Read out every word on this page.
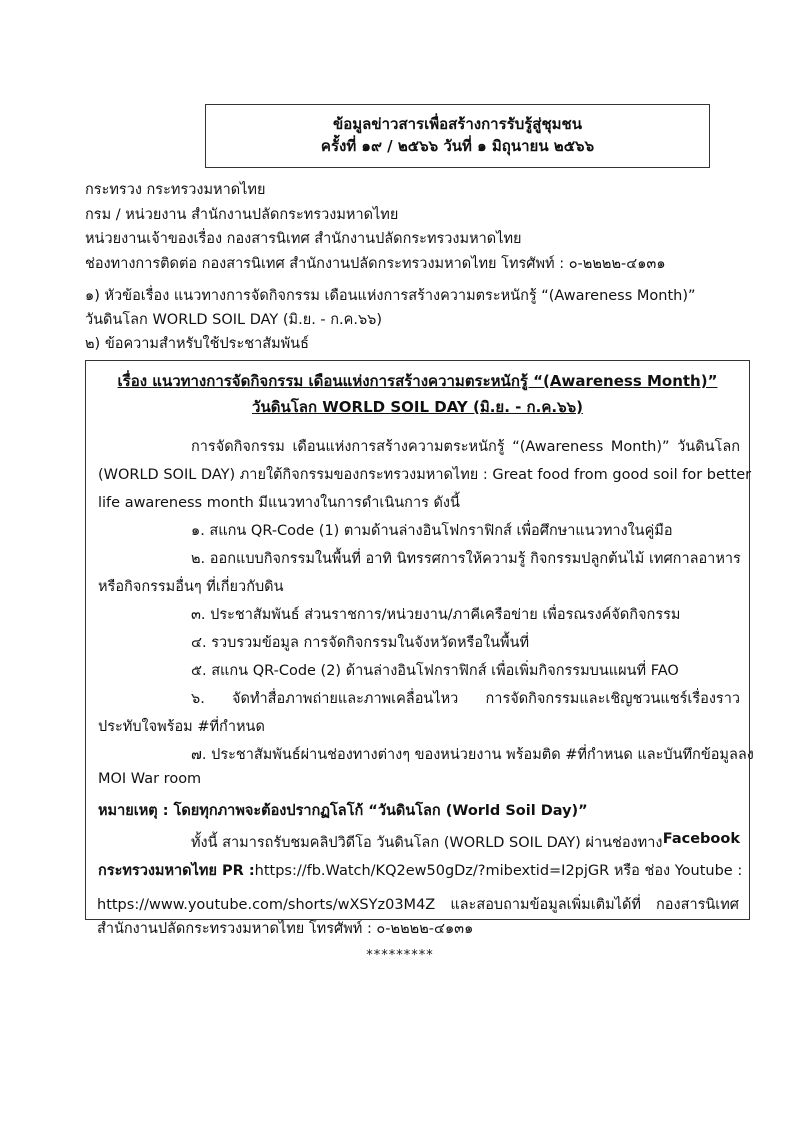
ข้อมูลข่าวสารเพื่อสร้างการรับรู้สู่ชุมชน
ครั้งที่ ๑๙ / ๒๕๖๖ วันที่ ๑ มิถุนายน ๒๕๖๖
กระทรวง กระทรวงมหาดไทย
กรม / หน่วยงาน สำนักงานปลัดกระทรวงมหาดไทย
หน่วยงานเจ้าของเรื่อง กองสารนิเทศ สำนักงานปลัดกระทรวงมหาดไทย
ช่องทางการติดต่อ กองสารนิเทศ สำนักงานปลัดกระทรวงมหาดไทย โทรศัพท์ : ๐-๒๒๒๒-๔๑๓๑
๑) หัวข้อเรื่อง แนวทางการจัดกิจกรรม เดือนแห่งการสร้างความตระหนักรู้ “(Awareness Month)”
วันดินโลก WORLD SOIL DAY (มิ.ย. - ก.ค.๖๖)
๒) ข้อความสำหรับใช้ประชาสัมพันธ์
เรื่อง แนวทางการจัดกิจกรรม เดือนแห่งการสร้างความตระหนักรู้ “(Awareness Month)”
วันดินโลก WORLD SOIL DAY (มิ.ย. - ก.ค.๖๖)
การจัดกิจกรรม เดือนแห่งการสร้างความตระหนักรู้ “(Awareness Month)” วันดินโลก
(WORLD SOIL DAY) ภายใต้กิจกรรมของกระทรวงมหาดไทย : Great food from good soil for better
life awareness month มีแนวทางในการดำเนินการ ดังนี้
๑. สแกน QR-Code (1) ตามด้านล่างอินโฟกราฟิกส์ เพื่อศึกษาแนวทางในคู่มือ
๒. ออกแบบกิจกรรมในพื้นที่ อาทิ นิทรรศการให้ความรู้ กิจกรรมปลูกต้นไม้ เทศกาลอาหาร
หรือกิจกรรมอื่นๆ ที่เกี่ยวกับดิน
๓. ประชาสัมพันธ์ ส่วนราชการ/หน่วยงาน/ภาคีเครือข่าย เพื่อรณรงค์จัดกิจกรรม
๔. รวบรวมข้อมูล การจัดกิจกรรมในจังหวัดหรือในพื้นที่
๕. สแกน QR-Code (2) ด้านล่างอินโฟกราฟิกส์ เพื่อเพิ่มกิจกรรมบนแผนที่ FAO
๖. จัดทำสื่อภาพถ่ายและภาพเคลื่อนไหว การจัดกิจกรรมและเชิญชวนแชร์เรื่องราว
ประทับใจพร้อม #ที่กำหนด
๗. ประชาสัมพันธ์ผ่านช่องทางต่างๆ ของหน่วยงาน พร้อมติด #ที่กำหนด และบันทึกข้อมูลลง
MOI War room
หมายเหตุ : โดยทุกภาพจะต้องปรากฏโลโก้ “วันดินโลก (World Soil Day)”
ทั้งนี้ สามารถรับชมคลิปวิดีโอ วันดินโลก (WORLD SOIL DAY) ผ่านช่องทาง Facebook
กระทรวงมหาดไทย PR : https://fb.Watch/KQ2ew50gDz/?mibextid=I2pjGR หรือ ช่อง Youtube :
https://www.youtube.com/shorts/wXSYz03M4Z และสอบถามข้อมูลเพิ่มเติมได้ที่ กองสารนิเทศ
สำนักงานปลัดกระทรวงมหาดไทย โทรศัพท์ : ๐-๒๒๒๒-๔๑๓๑
*********
